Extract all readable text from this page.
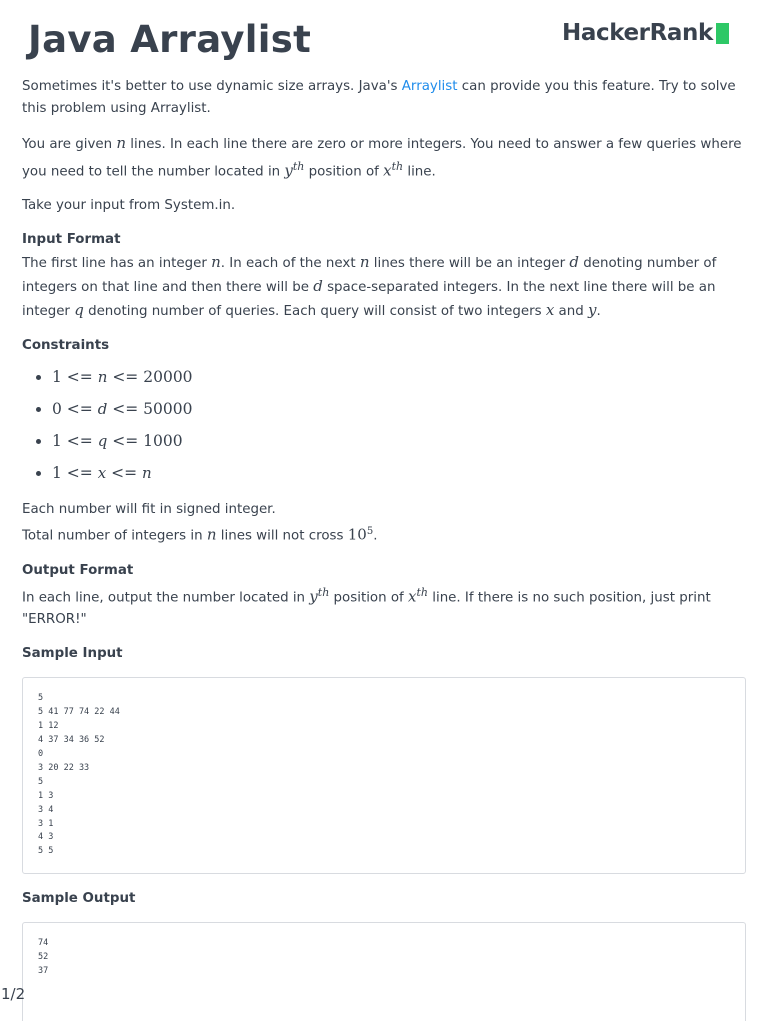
Java Arraylist	HackerRank

Sometimes it's better to use dynamic size arrays. Java's Arraylist can provide you this feature. Try to solve this problem using Arraylist.

You are given n lines. In each line there are zero or more integers. You need to answer a few queries where you need to tell the number located in $y^{th}$ position of $x^{th}$ line.

Take your input from System.in.

Input Format

The first line has an integer n. In each of the next n lines there will be an integer d denoting number of integers on that line and then there will be d space-separated integers. In the next line there will be an integer q denoting number of queries. Each query will consist of two integers x and y.

Constraints
• 1 <= n <= 20000
• 0 <= d <= 50000
• 1 <= q <= 1000
• 1 <= x <= n

Each number will fit in signed integer.
Total number of integers in n lines will not cross $10^5$.

Output Format

In each line, output the number located in $y^{th}$ position of $x^{th}$ line. If there is no such position, just print "ERROR!"

Sample Input
5
5 41 77 74 22 44
1 12
4 37 34 36 52
0
3 20 22 33
5
1 3
3 4
3 1
4 3
5 5
Sample Output
74
52
37
1/2
